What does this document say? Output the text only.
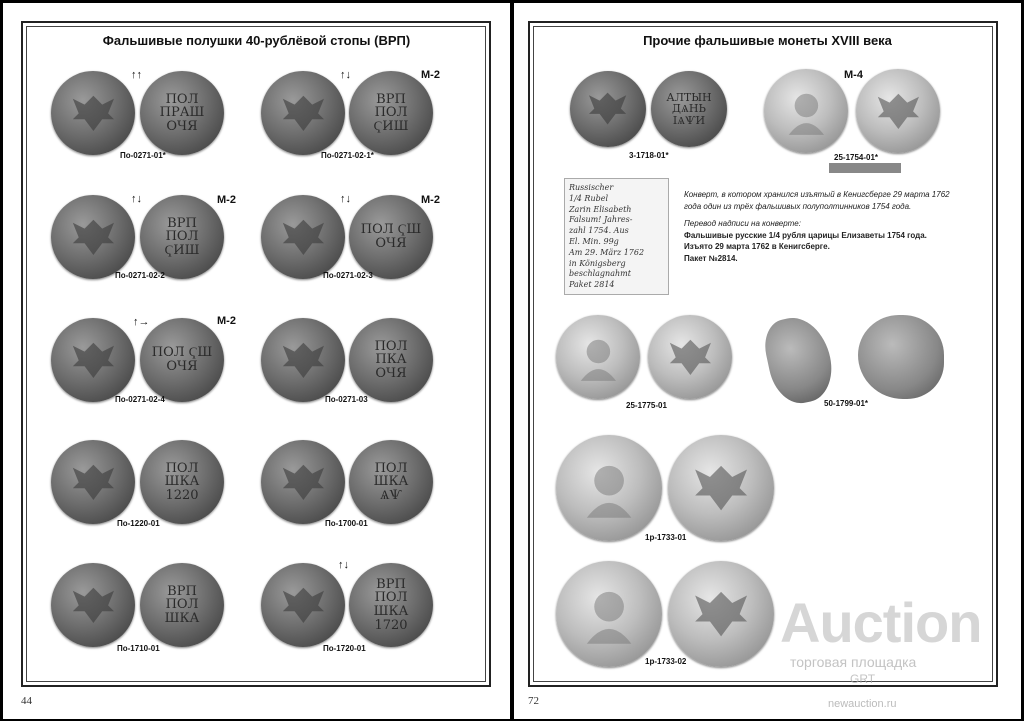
Фальшивые полушки 40-рублёвой стопы (ВРП)
ПОЛ ПРАШ ОЧЯ
↑↑
По-0271-01*
ВРП ПОЛ ҀИШ
↑↓	М-2
По-0271-02-1*
ВРП ПОЛ ҀИШ
↑↓	М-2
По-0271-02-2
ПОЛ ҀШ ОЧЯ
↑↓	М-2
По-0271-02-3
ПОЛ ҀШ ОЧЯ
↑→	М-2
По-0271-02-4
ПОЛ ПКА ОЧЯ
По-0271-03
ПОЛ ШКА 1220
По-1220-01
ПОЛ ШКА ѦѰ
По-1700-01
ВРП ПОЛ ШКА
По-1710-01
ВРП ПОЛ ШКА 1720
↑↓
По-1720-01
44
Прочие фальшивые монеты XVIII века
АЛТЫН ДѦНЬ ӀѦѰИ
3-1718-01*
М-4
25-1754-01*
Russischer
1/4 Rubel
Zarin Elisabeth
Falsum! Jahres-
zahl 1754. Aus
El. Min. 99g
Am 29. März 1762
in Königsberg
beschlagnahmt
Paket 2814
Конверт, в котором хранился изъятый в Кенигсберге 29 марта 1762 года один из трёх фальшивых полуполтинников 1754 года.
Перевод надписи на конверте:
Фальшивые русские 1/4 рубля царицы Елизаветы 1754 года.
Изъято 29 марта 1762 в Кенигсберге.
Пакет №2814.
25-1775-01	50-1799-01*
1р-1733-01
1р-1733-02
72
Auction
торговая площадка
GRT
newauction.ru
